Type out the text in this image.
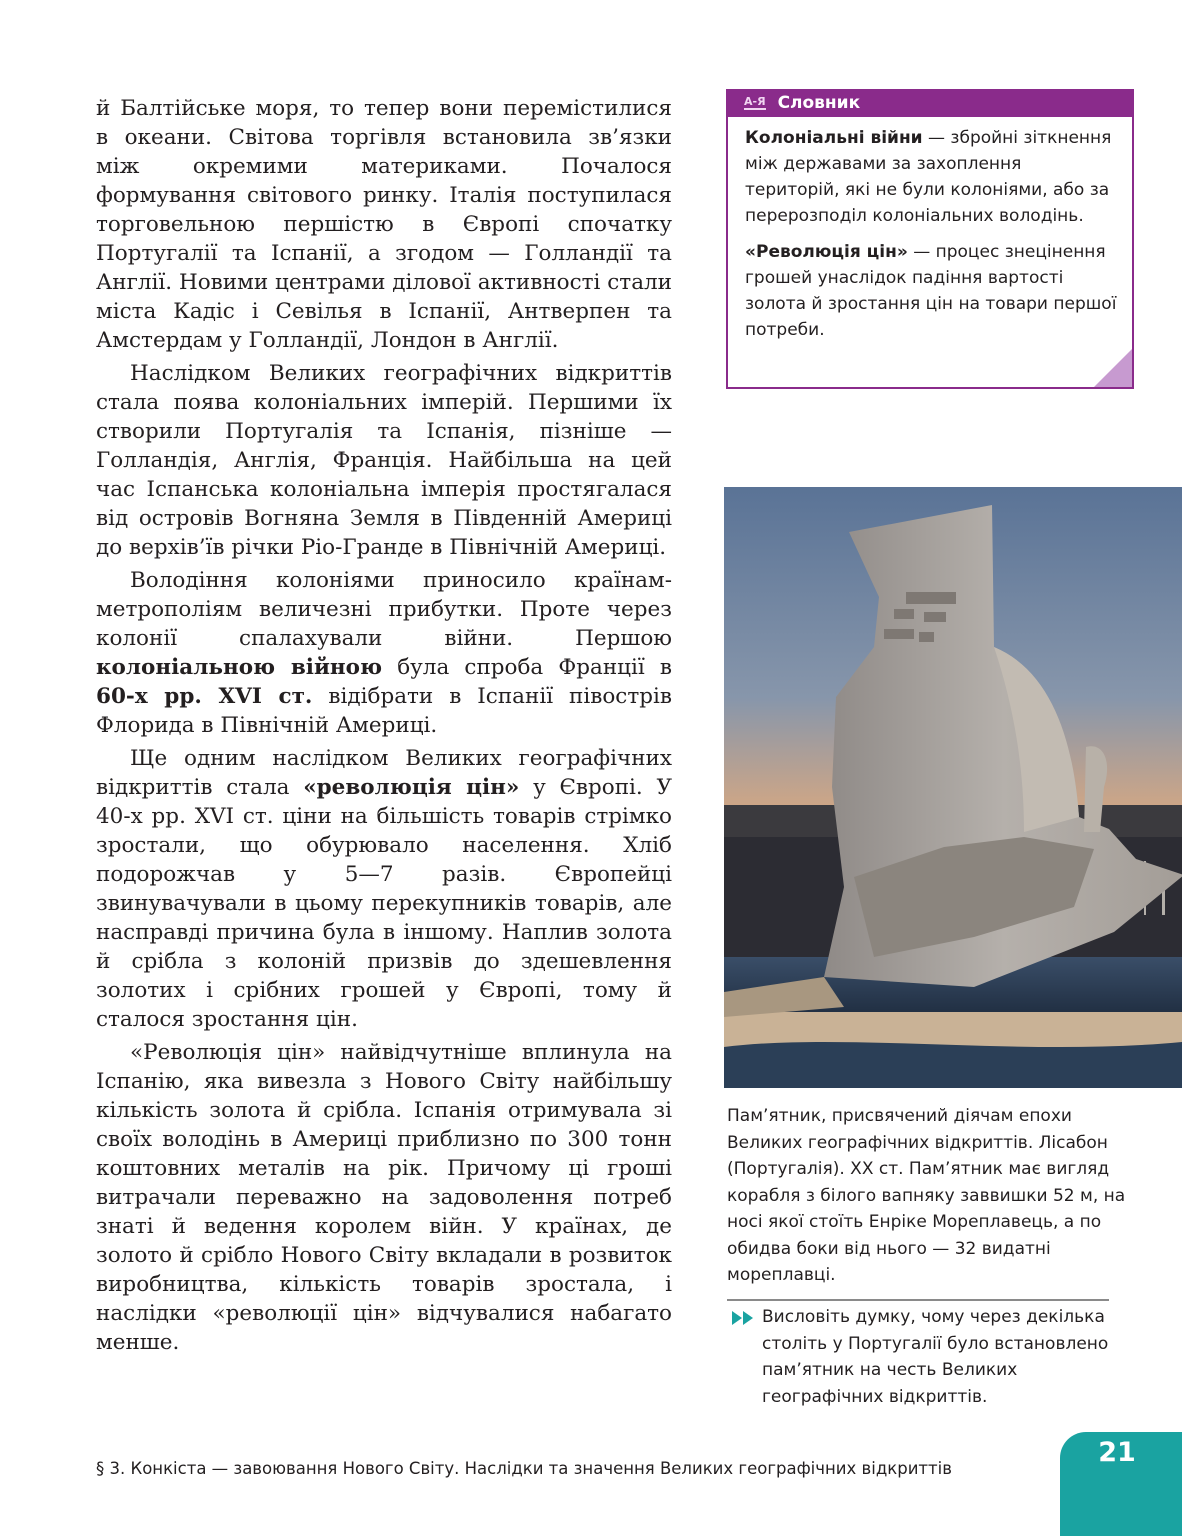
й Балтійське моря, то тепер вони перемістилися в океани. Світова торгівля встановила зв’язки між окремими материками. Почалося формування світового ринку. Італія поступилася торговельною першістю в Європі спочатку Португалії та Іспанії, а згодом — Голландії та Англії. Новими центрами ділової активності стали міста Кадіс і Севілья в Іспанії, Антверпен та Амстердам у Голландії, Лондон в Англії.

Наслідком Великих географічних відкриттів стала поява колоніальних імперій. Першими їх створили Португалія та Іспанія, пізніше — Голландія, Англія, Франція. Найбільша на цей час Іспанська колоніальна імперія простягалася від островів Вогняна Земля в Південній Америці до верхів’їв річки Ріо-Гранде в Північній Америці.

Володіння колоніями приносило країнам-метрополіям величезні прибутки. Проте через колонії спалахували війни. Першою колоніальною війною була спроба Франції в 60-х рр. XVI ст. відібрати в Іспанії півострів Флорида в Північній Америці.

Ще одним наслідком Великих географічних відкриттів стала «революція цін» у Європі. У 40-х рр. XVI ст. ціни на більшість товарів стрімко зростали, що обурювало населення. Хліб подорожчав у 5—7 разів. Європейці звинувачували в цьому перекупників товарів, але насправді причина була в іншому. Наплив золота й срібла з колоній призвів до здешевлення золотих і срібних грошей у Європі, тому й сталося зростання цін.

«Революція цін» найвідчутніше вплинула на Іспанію, яка вивезла з Нового Світу найбільшу кількість золота й срібла. Іспанія отримувала зі своїх володінь в Америці приблизно по 300 тонн коштовних металів на рік. Причому ці гроші витрачали переважно на задоволення потреб знаті й ведення королем війн. У країнах, де золото й срібло Нового Світу вкладали в розвиток виробництва, кількість товарів зростала, і наслідки «революції цін» відчувалися набагато менше.

А-Я Словник

Колоніальні війни — збройні зіткнення між державами за захоплення територій, які не були колоніями, або за перерозподіл колоніальних володінь.

«Революція цін» — процес знецінення грошей унаслідок падіння вартості золота й зростання цін на товари першої потреби.

Пам’ятник, присвячений діячам епохи Великих географічних відкриттів. Лісабон (Португалія). XX ст. Пам’ятник має вигляд корабля з білого вапняку заввишки 52 м, на носі якої стоїть Енріке Мореплавець, а по обидва боки від нього — 32 видатні мореплавці.
Висловіть думку, чому через декілька століть у Португалії було встановлено пам’ятник на честь Великих географічних відкриттів.
§ 3. Конкіста — завоювання Нового Світу. Наслідки та значення Великих географічних відкриттів
21
